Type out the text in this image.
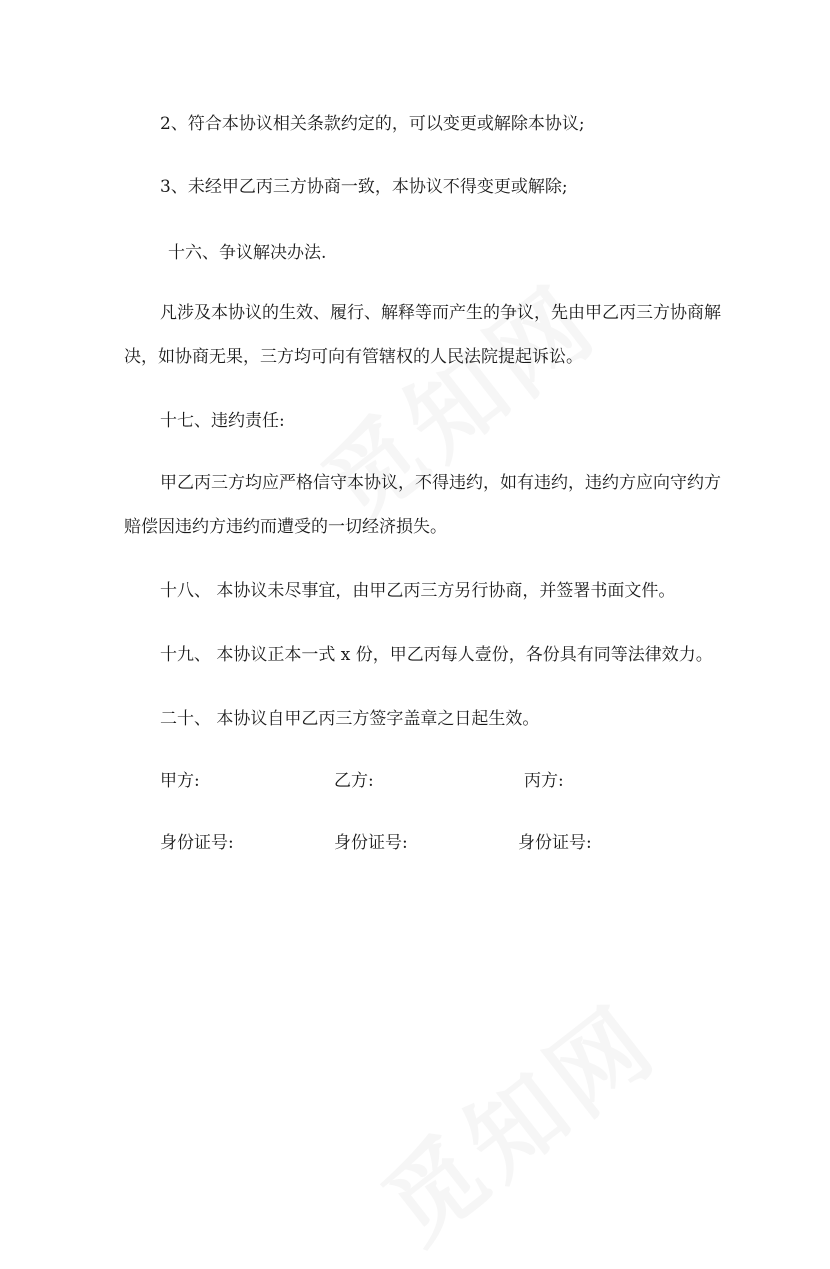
2、符合本协议相关条款约定的，可以变更或解除本协议;
3、未经甲乙丙三方协商一致，本协议不得变更或解除;
十六、争议解决办法.
凡涉及本协议的生效、履行、解释等而产生的争议，先由甲乙丙三方协商解
决，如协商无果，三方均可向有管辖权的人民法院提起诉讼。
十七、违约责任:
甲乙丙三方均应严格信守本协议，不得违约，如有违约，违约方应向守约方
赔偿因违约方违约而遭受的一切经济损失。
十八、 本协议未尽事宜，由甲乙丙三方另行协商，并签署书面文件。
十九、 本协议正本一式 x 份，甲乙丙每人壹份，各份具有同等法律效力。
二十、 本协议自甲乙丙三方签字盖章之日起生效。
甲方:	乙方:	丙方:
身份证号:	身份证号:	身份证号:
